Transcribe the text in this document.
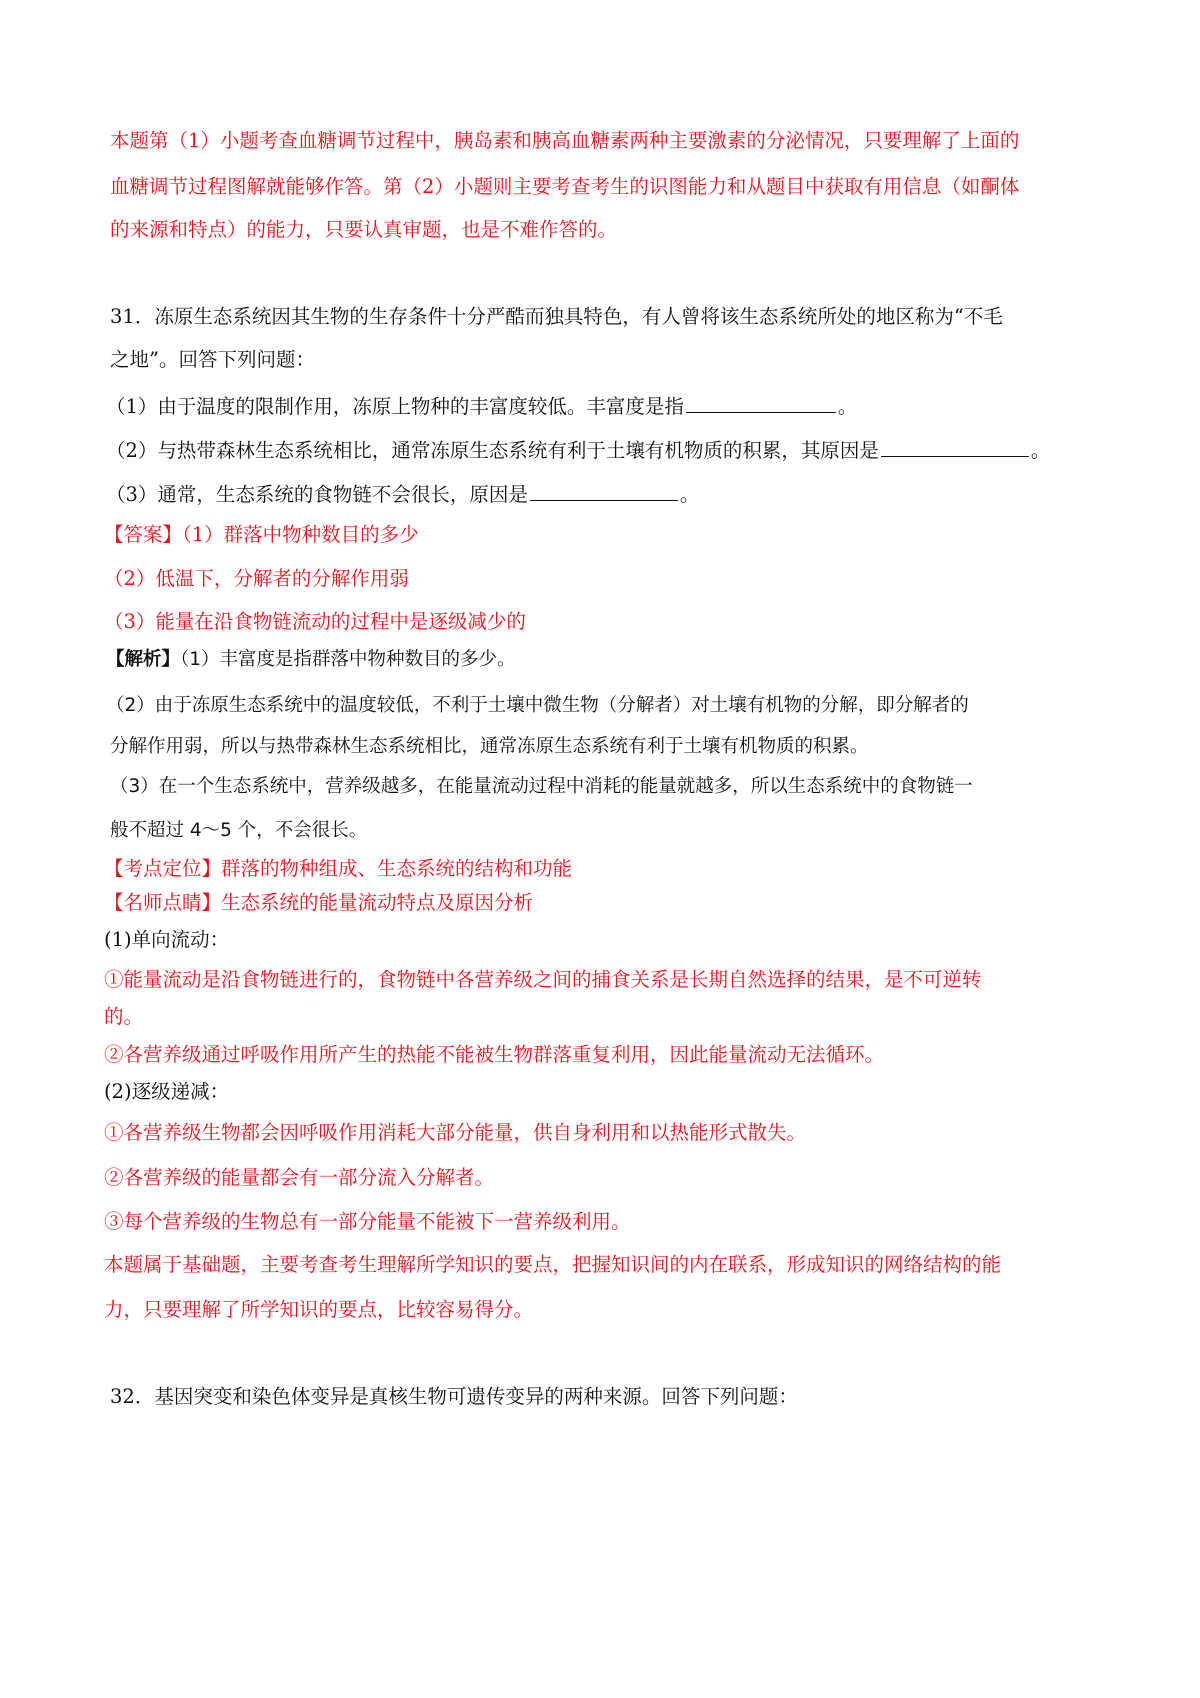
本题第（1）小题考查血糖调节过程中，胰岛素和胰高血糖素两种主要激素的分泌情况，只要理解了上面的
血糖调节过程图解就能够作答。第（2）小题则主要考查考生的识图能力和从题目中获取有用信息（如酮体
的来源和特点）的能力，只要认真审题，也是不难作答的。
31．冻原生态系统因其生物的生存条件十分严酷而独具特色，有人曾将该生态系统所处的地区称为“不毛
之地”。回答下列问题：
（1）由于温度的限制作用，冻原上物种的丰富度较低。丰富度是指	。
（2）与热带森林生态系统相比，通常冻原生态系统有利于土壤有机物质的积累，其原因是	。
（3）通常，生态系统的食物链不会很长，原因是	。
【答案】（1）群落中物种数目的多少
（2）低温下，分解者的分解作用弱
（3）能量在沿食物链流动的过程中是逐级减少的
【解析】（1）丰富度是指群落中物种数目的多少。
（2）由于冻原生态系统中的温度较低，不利于土壤中微生物（分解者）对土壤有机物的分解，即分解者的
分解作用弱，所以与热带森林生态系统相比，通常冻原生态系统有利于土壤有机物质的积累。
（3）在一个生态系统中，营养级越多，在能量流动过程中消耗的能量就越多，所以生态系统中的食物链一
般不超过 4～5 个，不会很长。
【考点定位】群落的物种组成、生态系统的结构和功能
【名师点睛】生态系统的能量流动特点及原因分析
(1)单向流动：
①能量流动是沿食物链进行的，食物链中各营养级之间的捕食关系是长期自然选择的结果，是不可逆转
的。
②各营养级通过呼吸作用所产生的热能不能被生物群落重复利用，因此能量流动无法循环。
(2)逐级递减：
①各营养级生物都会因呼吸作用消耗大部分能量，供自身利用和以热能形式散失。
②各营养级的能量都会有一部分流入分解者。
③每个营养级的生物总有一部分能量不能被下一营养级利用。
本题属于基础题，主要考查考生理解所学知识的要点，把握知识间的内在联系，形成知识的网络结构的能
力，只要理解了所学知识的要点，比较容易得分。
32．基因突变和染色体变异是真核生物可遗传变异的两种来源。回答下列问题：
